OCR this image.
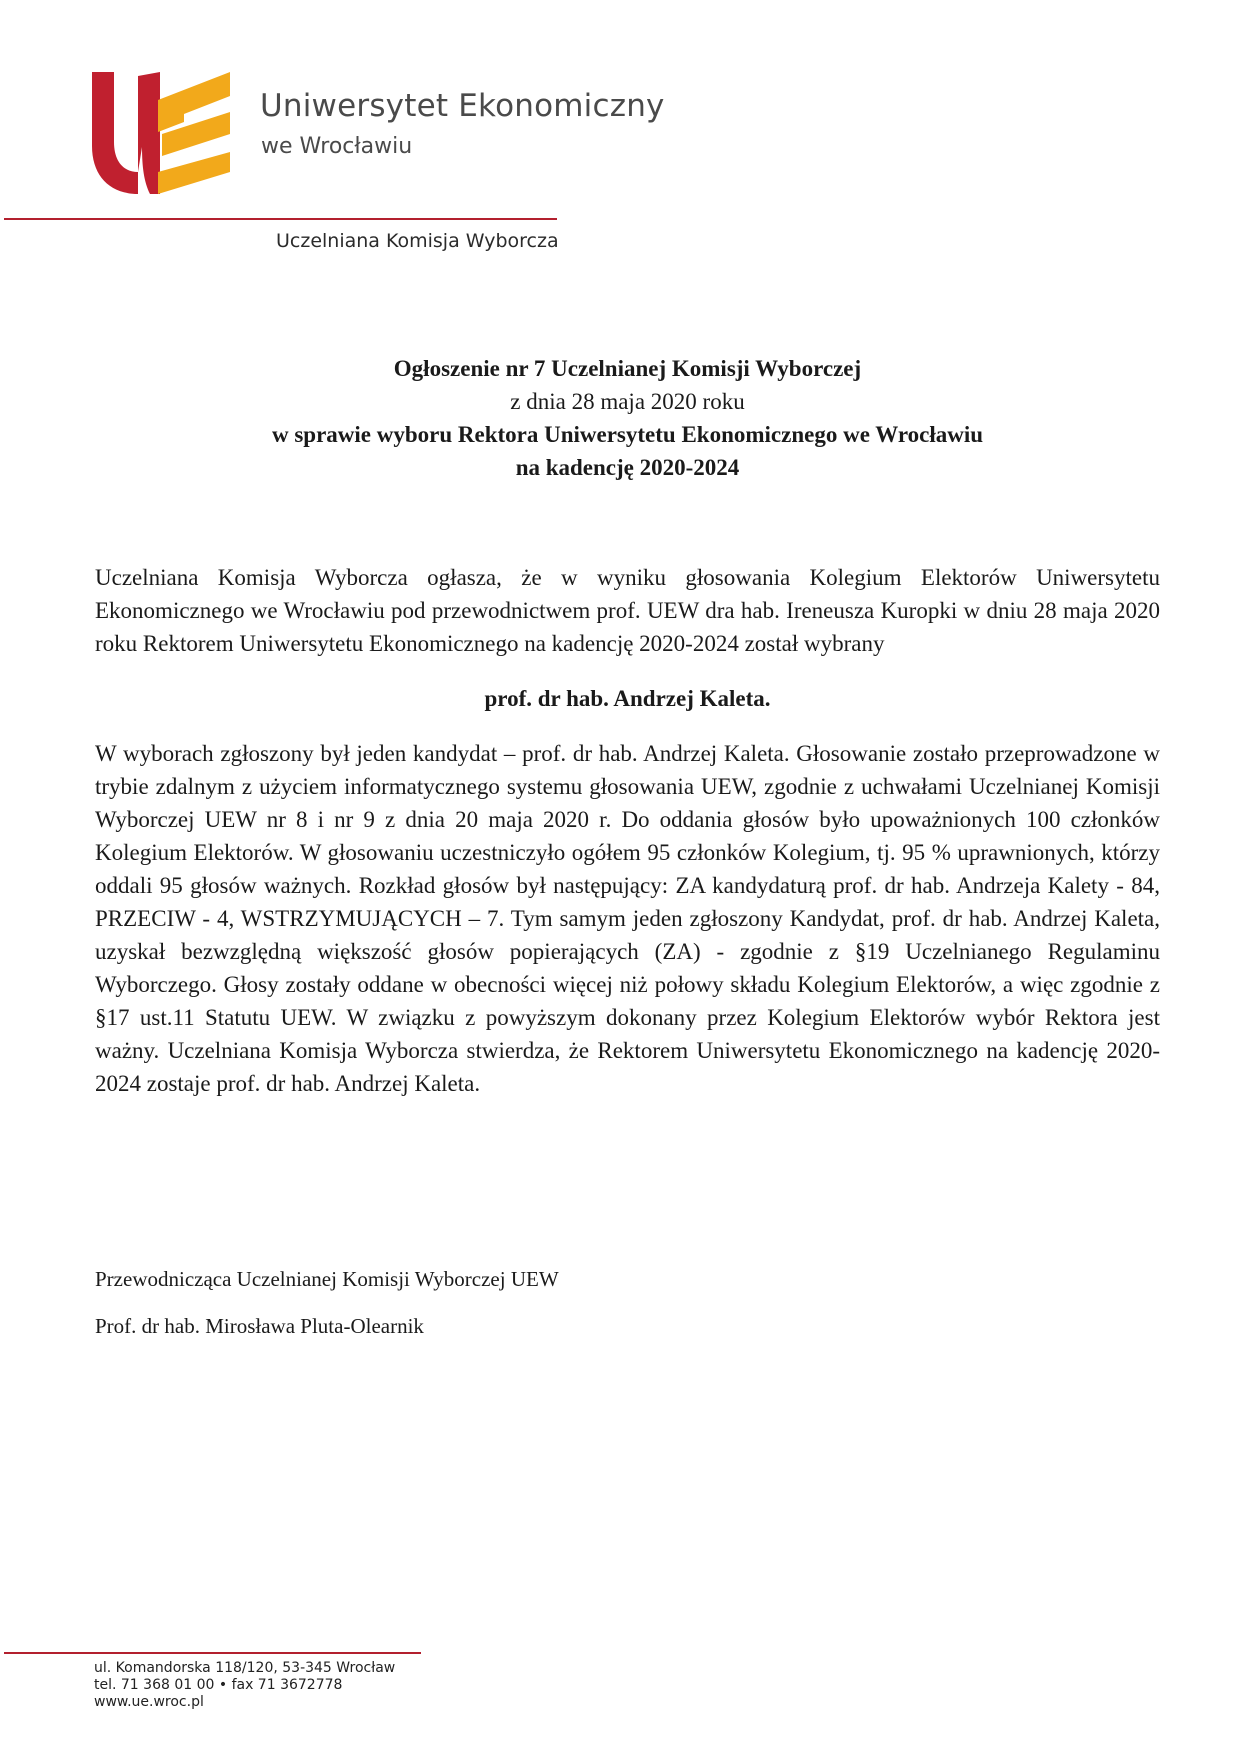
Uniwersytet Ekonomiczny
we Wrocławiu
Uczelniana Komisja Wyborcza
Ogłoszenie nr 7 Uczelnianej Komisji Wyborczej
z dnia 28 maja 2020 roku
w sprawie wyboru Rektora Uniwersytetu Ekonomicznego we Wrocławiu
na kadencję 2020-2024

Uczelniana Komisja Wyborcza ogłasza, że w wyniku głosowania Kolegium Elektorów Uniwersytetu Ekonomicznego we Wrocławiu pod przewodnictwem prof. UEW dra hab. Ireneusza Kuropki w dniu 28 maja 2020 roku Rektorem Uniwersytetu Ekonomicznego na kadencję 2020-2024 został wybrany

prof. dr hab. Andrzej Kaleta.

W wyborach zgłoszony był jeden kandydat – prof. dr hab. Andrzej Kaleta. Głosowanie zostało przeprowadzone w trybie zdalnym z użyciem informatycznego systemu głosowania UEW, zgodnie z uchwałami Uczelnianej Komisji Wyborczej UEW nr 8 i nr 9 z dnia 20 maja 2020 r. Do oddania głosów było upoważnionych 100 członków Kolegium Elektorów. W głosowaniu uczestniczyło ogółem 95 członków Kolegium, tj. 95 % uprawnionych, którzy oddali 95 głosów ważnych. Rozkład głosów był następujący: ZA kandydaturą prof. dr hab. Andrzeja Kalety - 84, PRZECIW - 4, WSTRZYMUJĄCYCH – 7. Tym samym jeden zgłoszony Kandydat, prof. dr hab. Andrzej Kaleta, uzyskał bezwzględną większość głosów popierających (ZA) - zgodnie z §19 Uczelnianego Regulaminu Wyborczego. Głosy zostały oddane w obecności więcej niż połowy składu Kolegium Elektorów, a więc zgodnie z §17 ust.11 Statutu UEW. W związku z powyższym dokonany przez Kolegium Elektorów wybór Rektora jest ważny. Uczelniana Komisja Wyborcza stwierdza, że Rektorem Uniwersytetu Ekonomicznego na kadencję 2020-2024 zostaje prof. dr hab. Andrzej Kaleta.

Przewodnicząca Uczelnianej Komisji Wyborczej UEW
Prof. dr hab. Mirosława Pluta-Olearnik
ul. Komandorska 118/120, 53-345 Wrocław
tel. 71 368 01 00 • fax 71 3672778
www.ue.wroc.pl
